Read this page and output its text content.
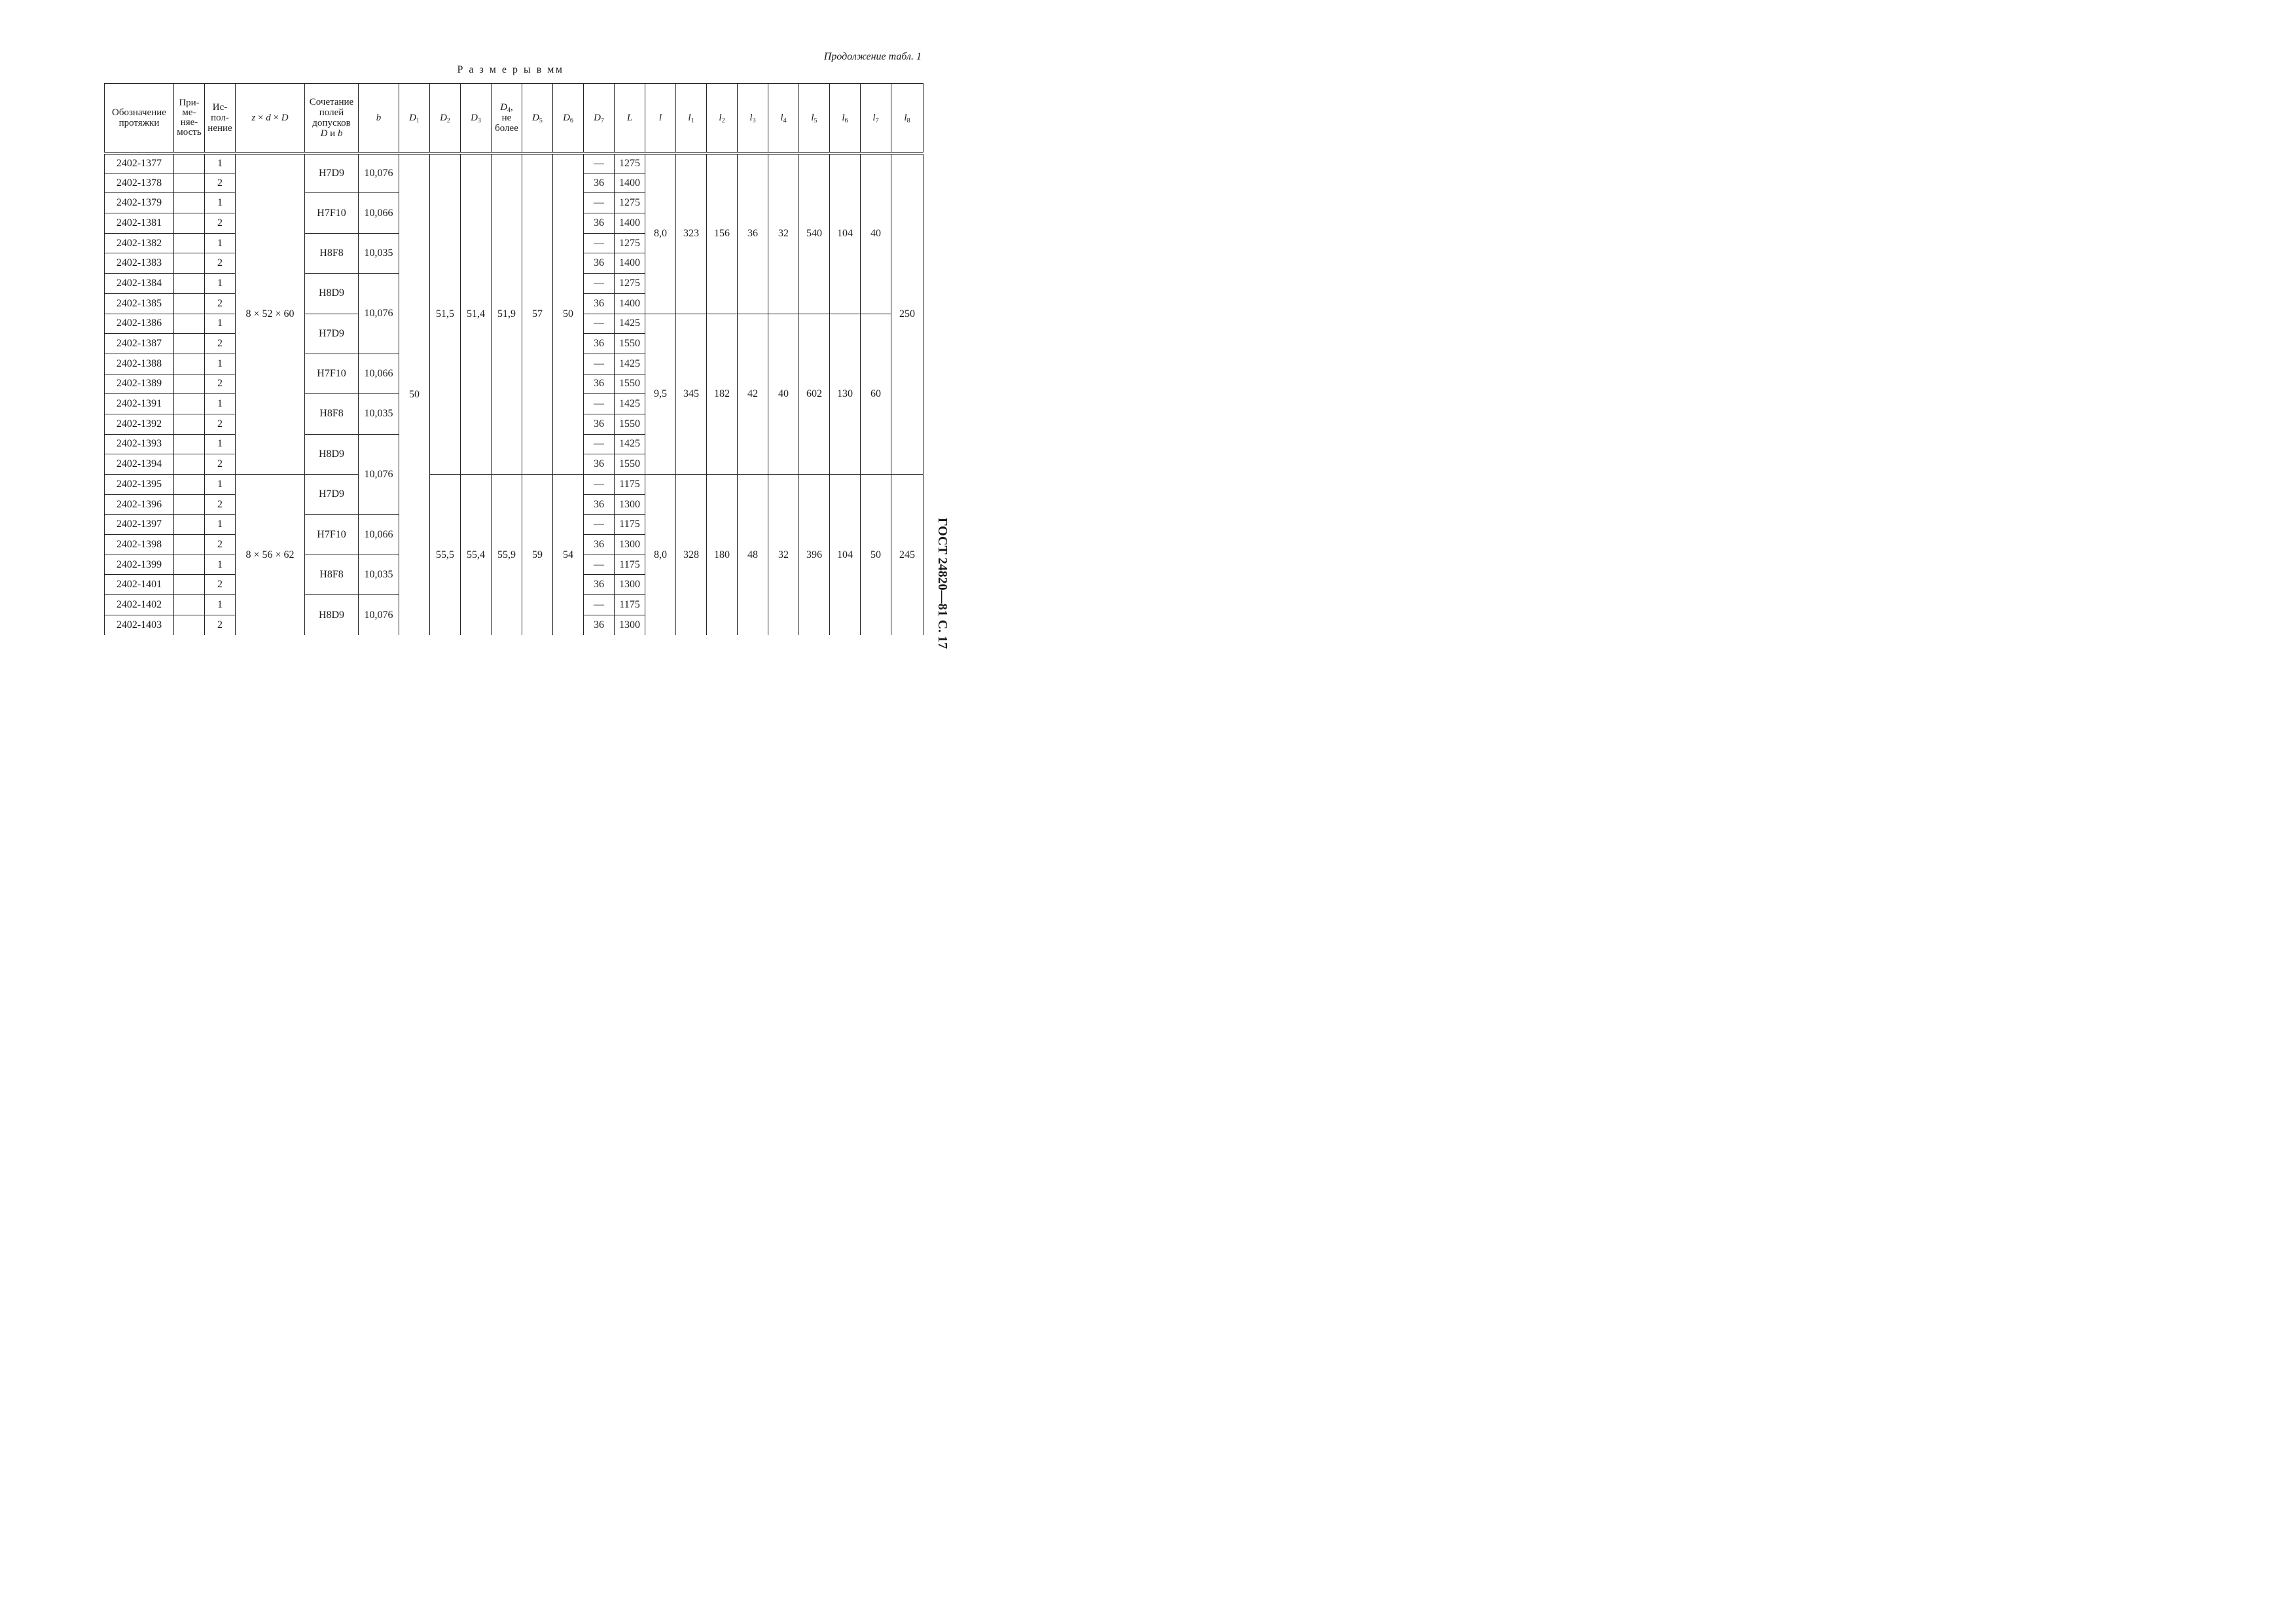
Продолжение табл. 1
Р а з м е р ы в мм
ГОСТ 24820—81 С. 17
Обозначение
протяжки	При-
ме-
няе-
мость	Ис-
пол-
нение	z × d × D	Сочетание
полей
допусков
D и b	b	$D_1$	$D_2$	$D_3$	$D_4$,
не
более	$D_5$	$D_6$	$D_7$	L	l	$l_1$	$l_2$	$l_3$	$l_4$	$l_5$	$l_6$	$l_7$	$l_8$
2402-1377		1	8 × 52 × 60	H7D9	10,076	50	51,5	51,4	51,9	57	50	—	1275	8,0	323	156	36	32	540	104	40	250
2402-1378		2										36	1400									
2402-1379		1		H7F10	10,066							—	1275									
2402-1381		2										36	1400									
2402-1382		1		H8F8	10,035							—	1275									
2402-1383		2										36	1400									
2402-1384		1		H8D9	10,076							—	1275									
2402-1385		2										36	1400									
2402-1386		1		H7D9								—	1425	9,5	345	182	42	40	602	130	60	
2402-1387		2										36	1550									
2402-1388		1		H7F10	10,066							—	1425									
2402-1389		2										36	1550									
2402-1391		1		H8F8	10,035							—	1425									
2402-1392		2										36	1550									
2402-1393		1		H8D9	10,076							—	1425									
2402-1394		2										36	1550									
2402-1395		1	8 × 56 × 62	H7D9			55,5	55,4	55,9	59	54	—	1175	8,0	328	180	48	32	396	104	50	245
2402-1396		2										36	1300									
2402-1397		1		H7F10	10,066							—	1175									
2402-1398		2										36	1300									
2402-1399		1		H8F8	10,035							—	1175									
2402-1401		2										36	1300									
2402-1402		1		H8D9	10,076							—	1175									
2402-1403		2										36	1300									
